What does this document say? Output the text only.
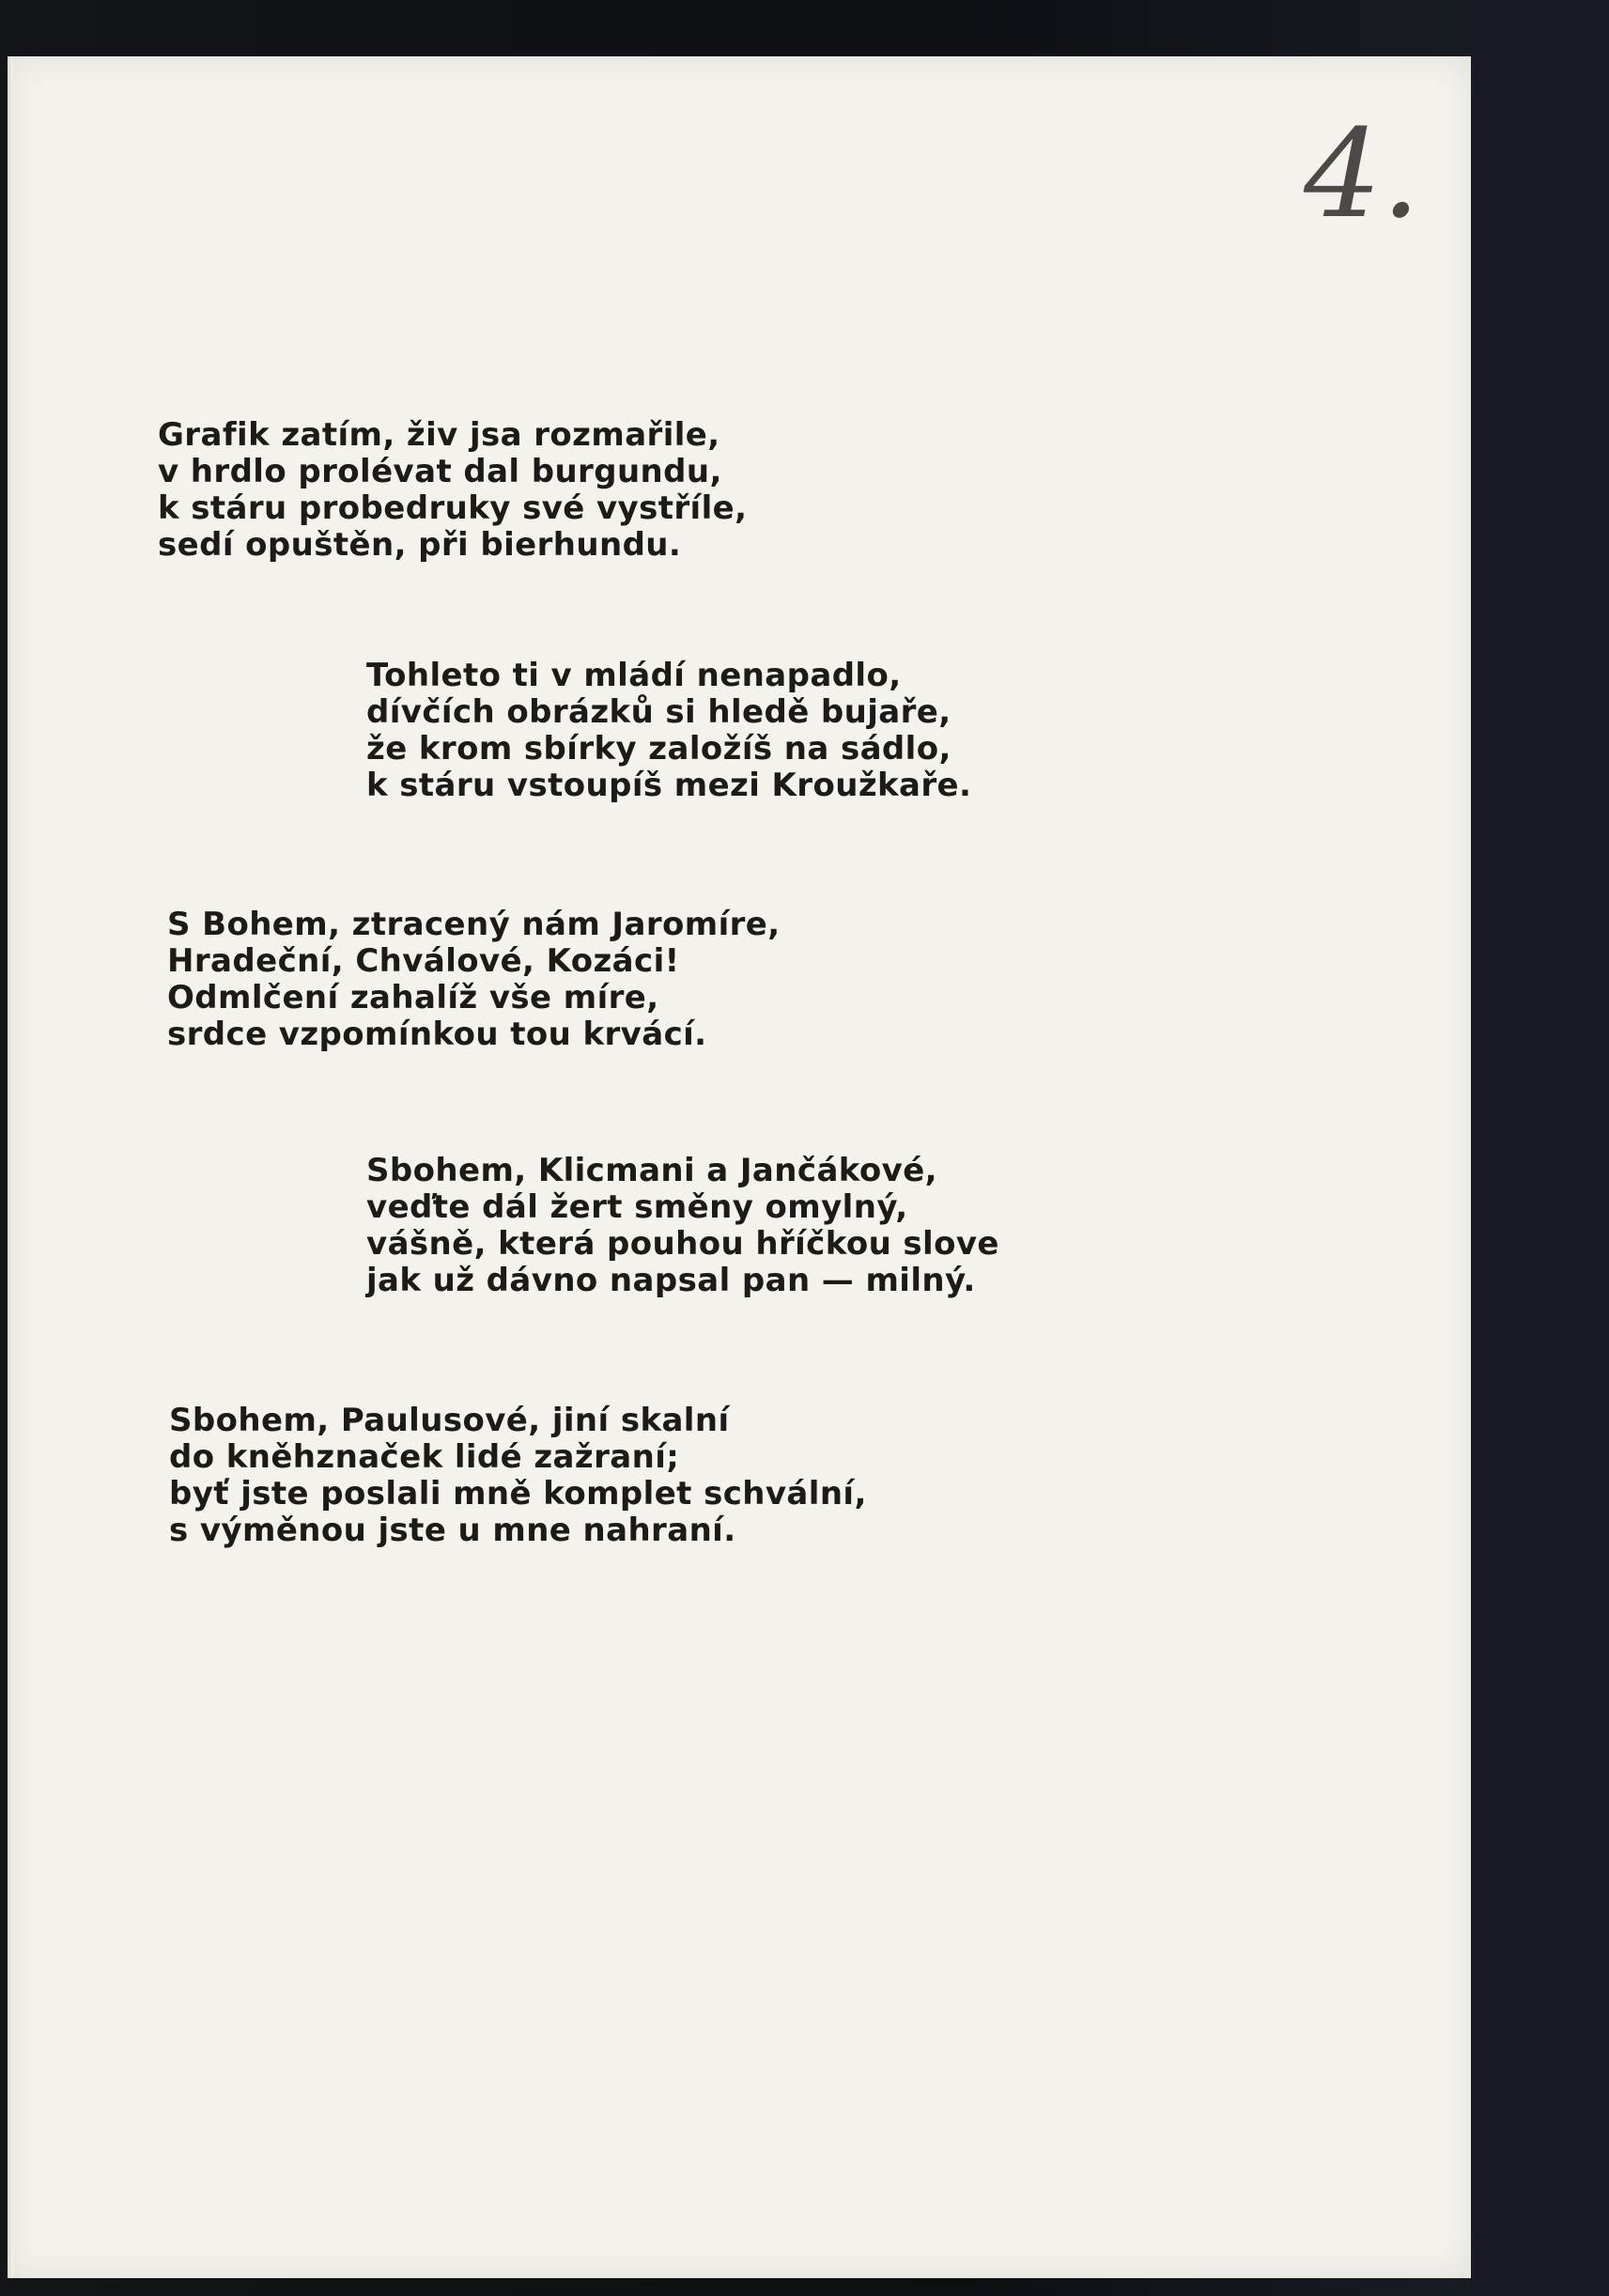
4.
Grafik zatím, živ jsa rozmařile,
v hrdlo prolévat dal burgundu,
k stáru probedruky své vystříle,
sedí opuštěn, při bierhundu.
Tohleto ti v mládí nenapadlo,
dívčích obrázků si hledě bujaře,
že krom sbírky založíš na sádlo,
k stáru vstoupíš mezi Kroužkaře.
S Bohem, ztracený nám Jaromíre,
Hradeční, Chválové, Kozáci!
Odmlčení zahalíž vše míre,
srdce vzpomínkou tou krvácí.
Sbohem, Klicmani a Jančákové,
veďte dál žert směny omylný,
vášně, která pouhou hříčkou slove
jak už dávno napsal pan — milný.
Sbohem, Paulusové, jiní skalní
do kněhznaček lidé zažraní;
byť jste poslali mně komplet schvální,
s výměnou jste u mne nahraní.
